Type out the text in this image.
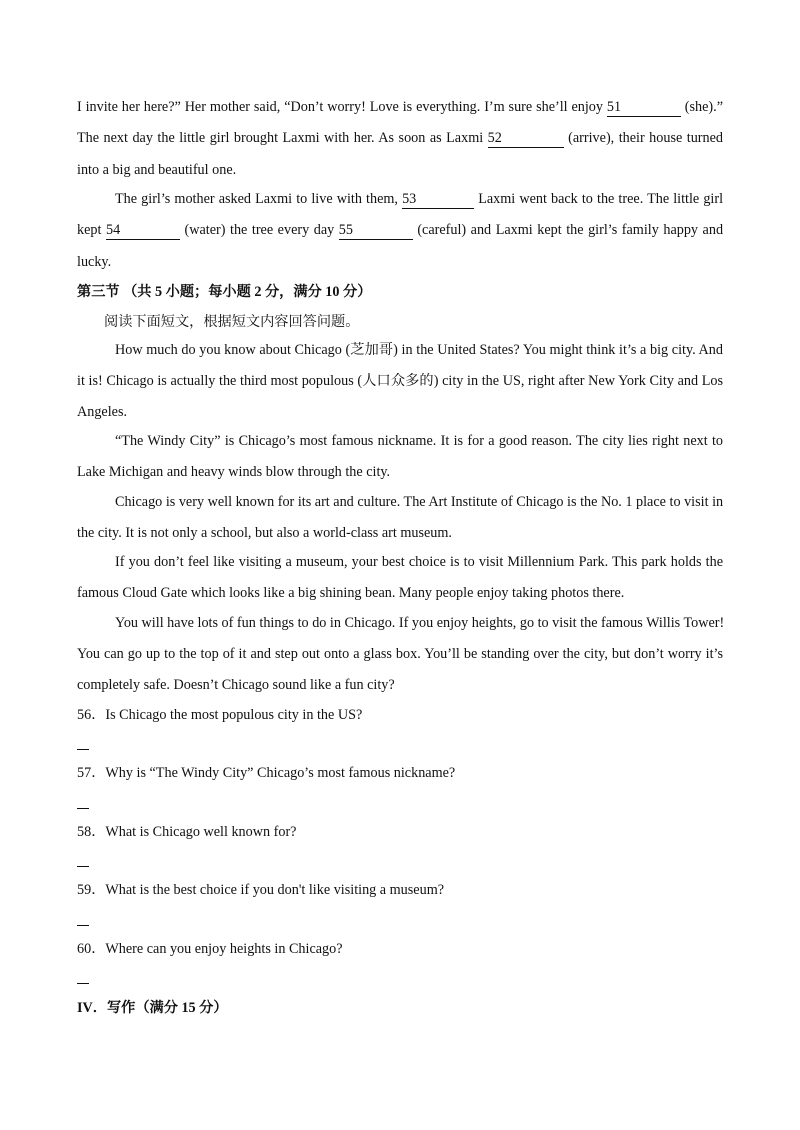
I invite her here?” Her mother said, “Don’t worry! Love is everything. I’m sure she’ll enjoy 51	(she).”
The next day the little girl brought Laxmi with her. As soon as Laxmi 52	(arrive), their house turned
into a big and beautiful one.
The girl’s mother asked Laxmi to live with them, 53	Laxmi went back to the tree. The little girl
kept 54	(water) the tree every day 55	(careful) and Laxmi kept the girl’s family happy and
lucky.
第三节 （共 5 小题；每小题 2 分，满分 10 分）
阅读下面短文，根据短文内容回答问题。
How much do you know about Chicago (芝加哥) in the United States? You might think it’s a big city. And
it is! Chicago is actually the third most populous (人口众多的) city in the US, right after New York City and Los
Angeles.
“The Windy City” is Chicago’s most famous nickname. It is for a good reason. The city lies right next to
Lake Michigan and heavy winds blow through the city.
Chicago is very well known for its art and culture. The Art Institute of Chicago is the No. 1 place to visit in
the city. It is not only a school, but also a world-class art museum.
If you don’t feel like visiting a museum, your best choice is to visit Millennium Park. This park holds the
famous Cloud Gate which looks like a big shining bean. Many people enjoy taking photos there.
You will have lots of fun things to do in Chicago. If you enjoy heights, go to visit the famous Willis Tower!
You can go up to the top of it and step out onto a glass box. You’ll be standing over the city, but don’t worry it’s
completely safe. Doesn’t Chicago sound like a fun city?
56．Is Chicago the most populous city in the US?
57．Why is “The Windy City” Chicago’s most famous nickname?
58．What is Chicago well known for?
59．What is the best choice if you don't like visiting a museum?
60．Where can you enjoy heights in Chicago?
IV．写作（满分 15 分）
